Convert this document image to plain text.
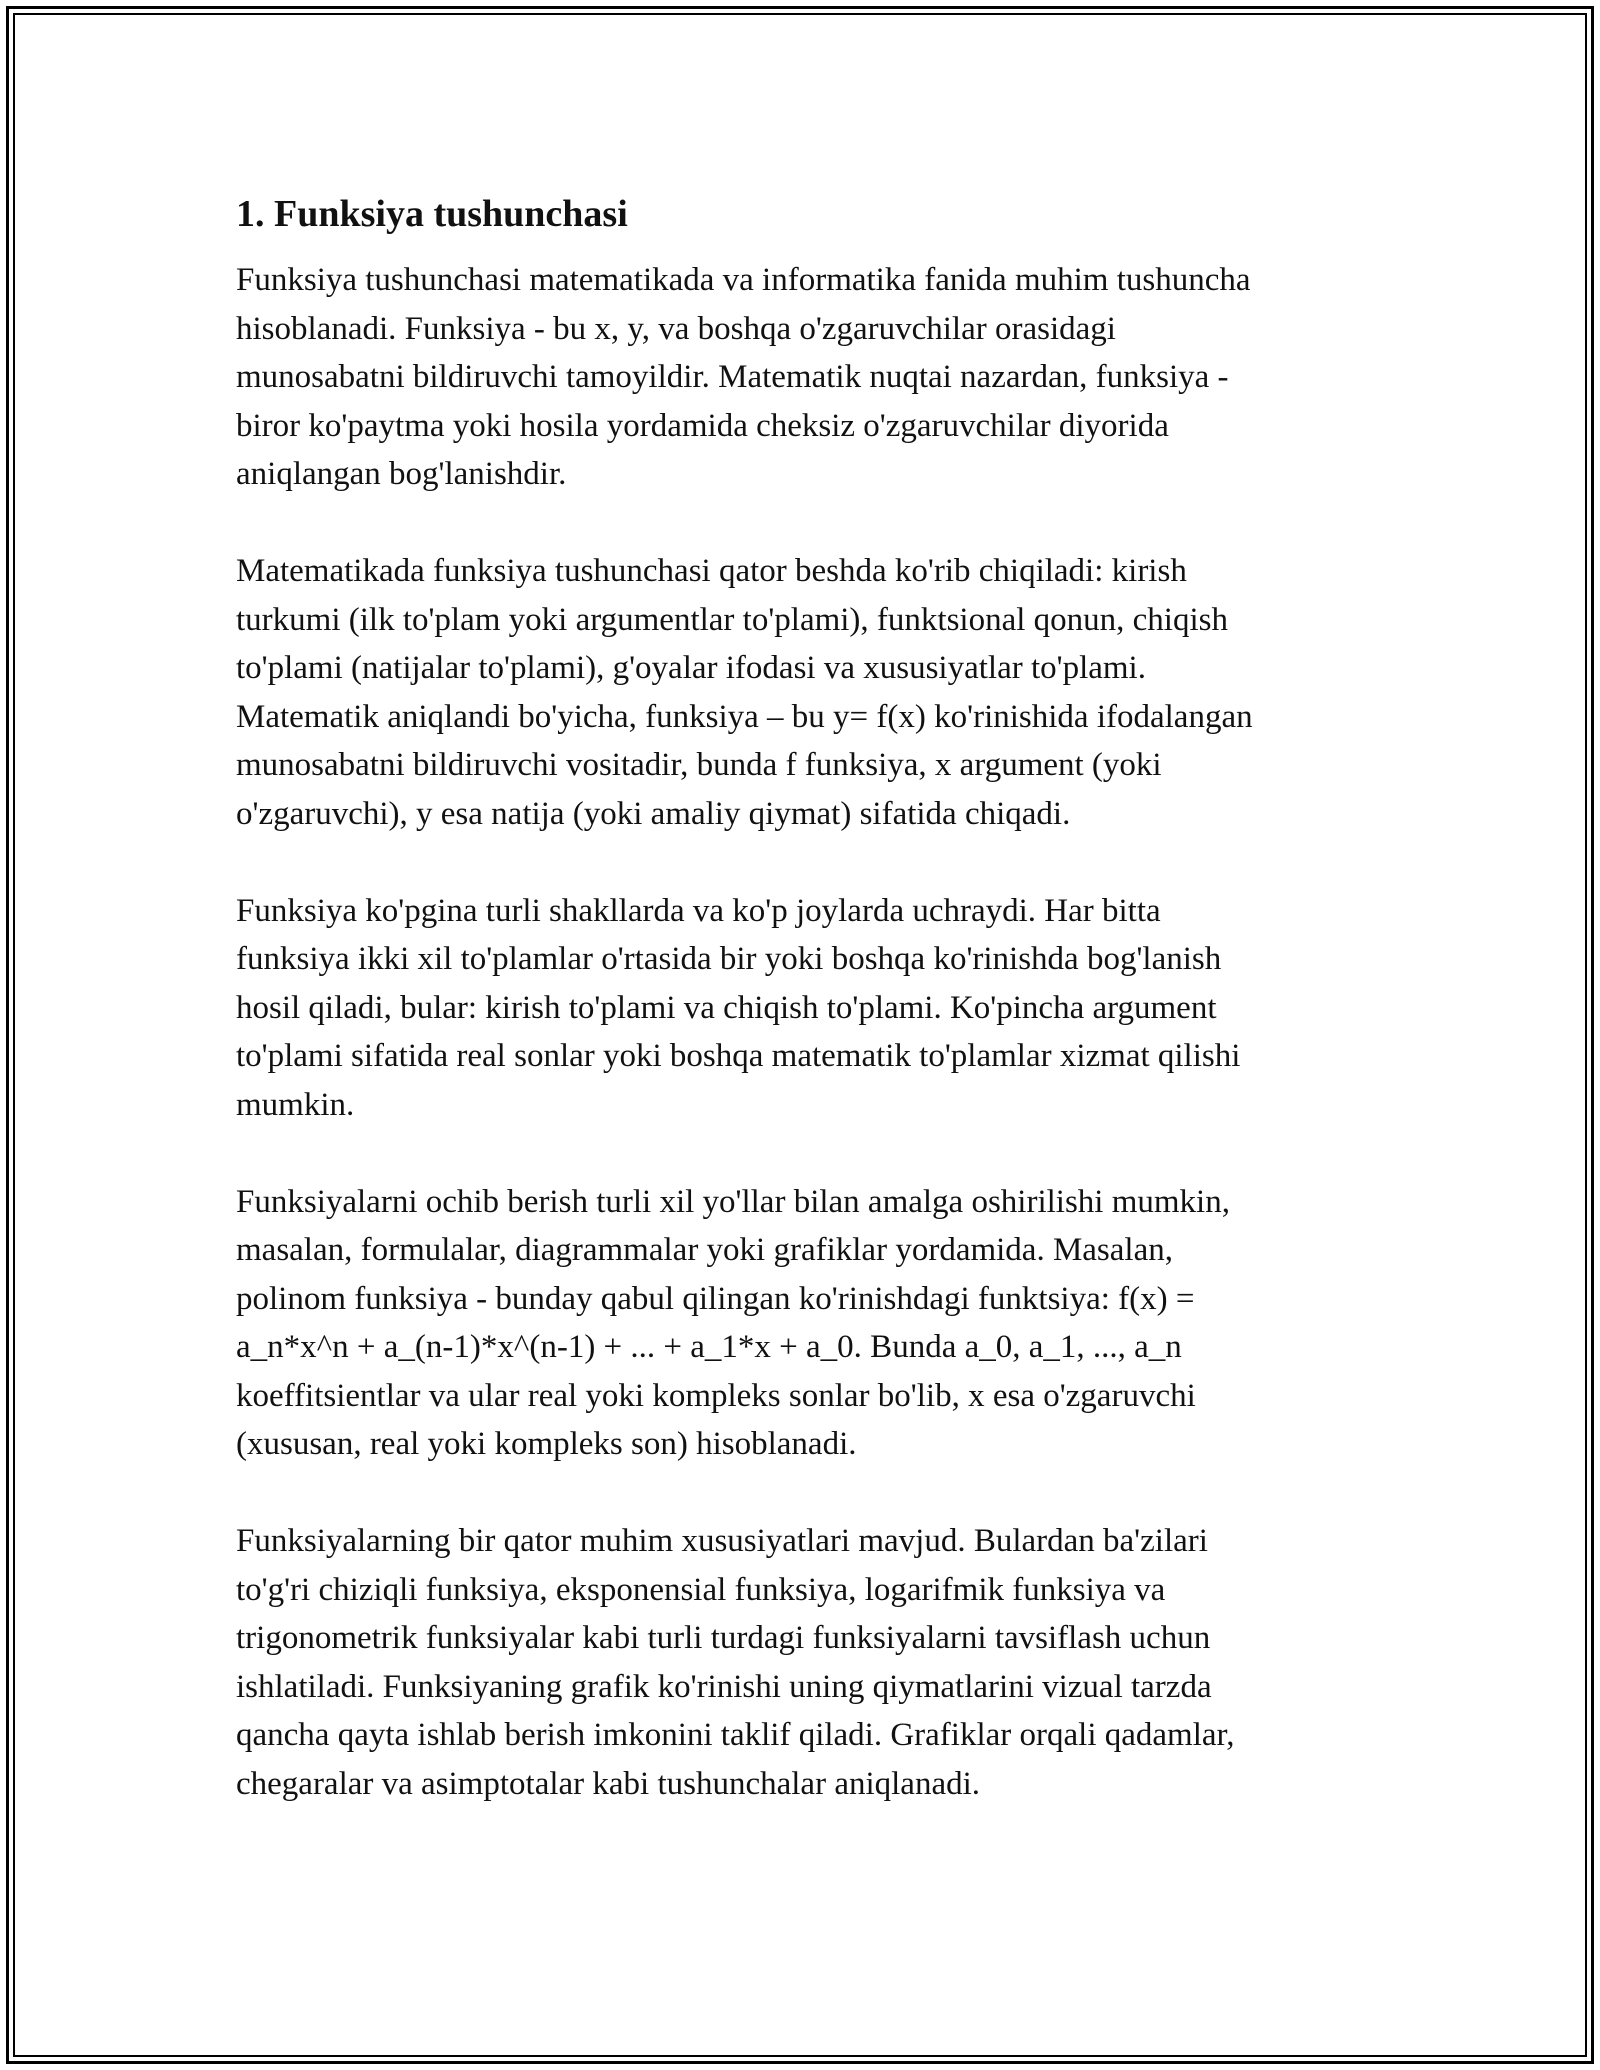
1. Funksiya tushunchasi
Funksiya tushunchasi matematikada va informatika fanida muhim tushuncha
hisoblanadi. Funksiya - bu x, y, va boshqa o'zgaruvchilar orasidagi
munosabatni bildiruvchi tamoyildir. Matematik nuqtai nazardan, funksiya -
biror ko'paytma yoki hosila yordamida cheksiz o'zgaruvchilar diyorida
aniqlangan bog'lanishdir.
Matematikada funksiya tushunchasi qator beshda ko'rib chiqiladi: kirish
turkumi (ilk to'plam yoki argumentlar to'plami), funktsional qonun, chiqish
to'plami (natijalar to'plami), g'oyalar ifodasi va xususiyatlar to'plami.
Matematik aniqlandi bo'yicha, funksiya – bu y= f(x) ko'rinishida ifodalangan
munosabatni bildiruvchi vositadir, bunda f funksiya, x argument (yoki
o'zgaruvchi), y esa natija (yoki amaliy qiymat) sifatida chiqadi.
Funksiya ko'pgina turli shakllarda va ko'p joylarda uchraydi. Har bitta
funksiya ikki xil to'plamlar o'rtasida bir yoki boshqa ko'rinishda bog'lanish
hosil qiladi, bular: kirish to'plami va chiqish to'plami. Ko'pincha argument
to'plami sifatida real sonlar yoki boshqa matematik to'plamlar xizmat qilishi
mumkin.
Funksiyalarni ochib berish turli xil yo'llar bilan amalga oshirilishi mumkin,
masalan, formulalar, diagrammalar yoki grafiklar yordamida. Masalan,
polinom funksiya - bunday qabul qilingan ko'rinishdagi funktsiya: f(x) =
a_n*x^n + a_(n-1)*x^(n-1) + ... + a_1*x + a_0. Bunda a_0, a_1, ..., a_n
koeffitsientlar va ular real yoki kompleks sonlar bo'lib, x esa o'zgaruvchi
(xususan, real yoki kompleks son) hisoblanadi.
Funksiyalarning bir qator muhim xususiyatlari mavjud. Bulardan ba'zilari
to'g'ri chiziqli funksiya, eksponensial funksiya, logarifmik funksiya va
trigonometrik funksiyalar kabi turli turdagi funksiyalarni tavsiflash uchun
ishlatiladi. Funksiyaning grafik ko'rinishi uning qiymatlarini vizual tarzda
qancha qayta ishlab berish imkonini taklif qiladi. Grafiklar orqali qadamlar,
chegaralar va asimptotalar kabi tushunchalar aniqlanadi.
